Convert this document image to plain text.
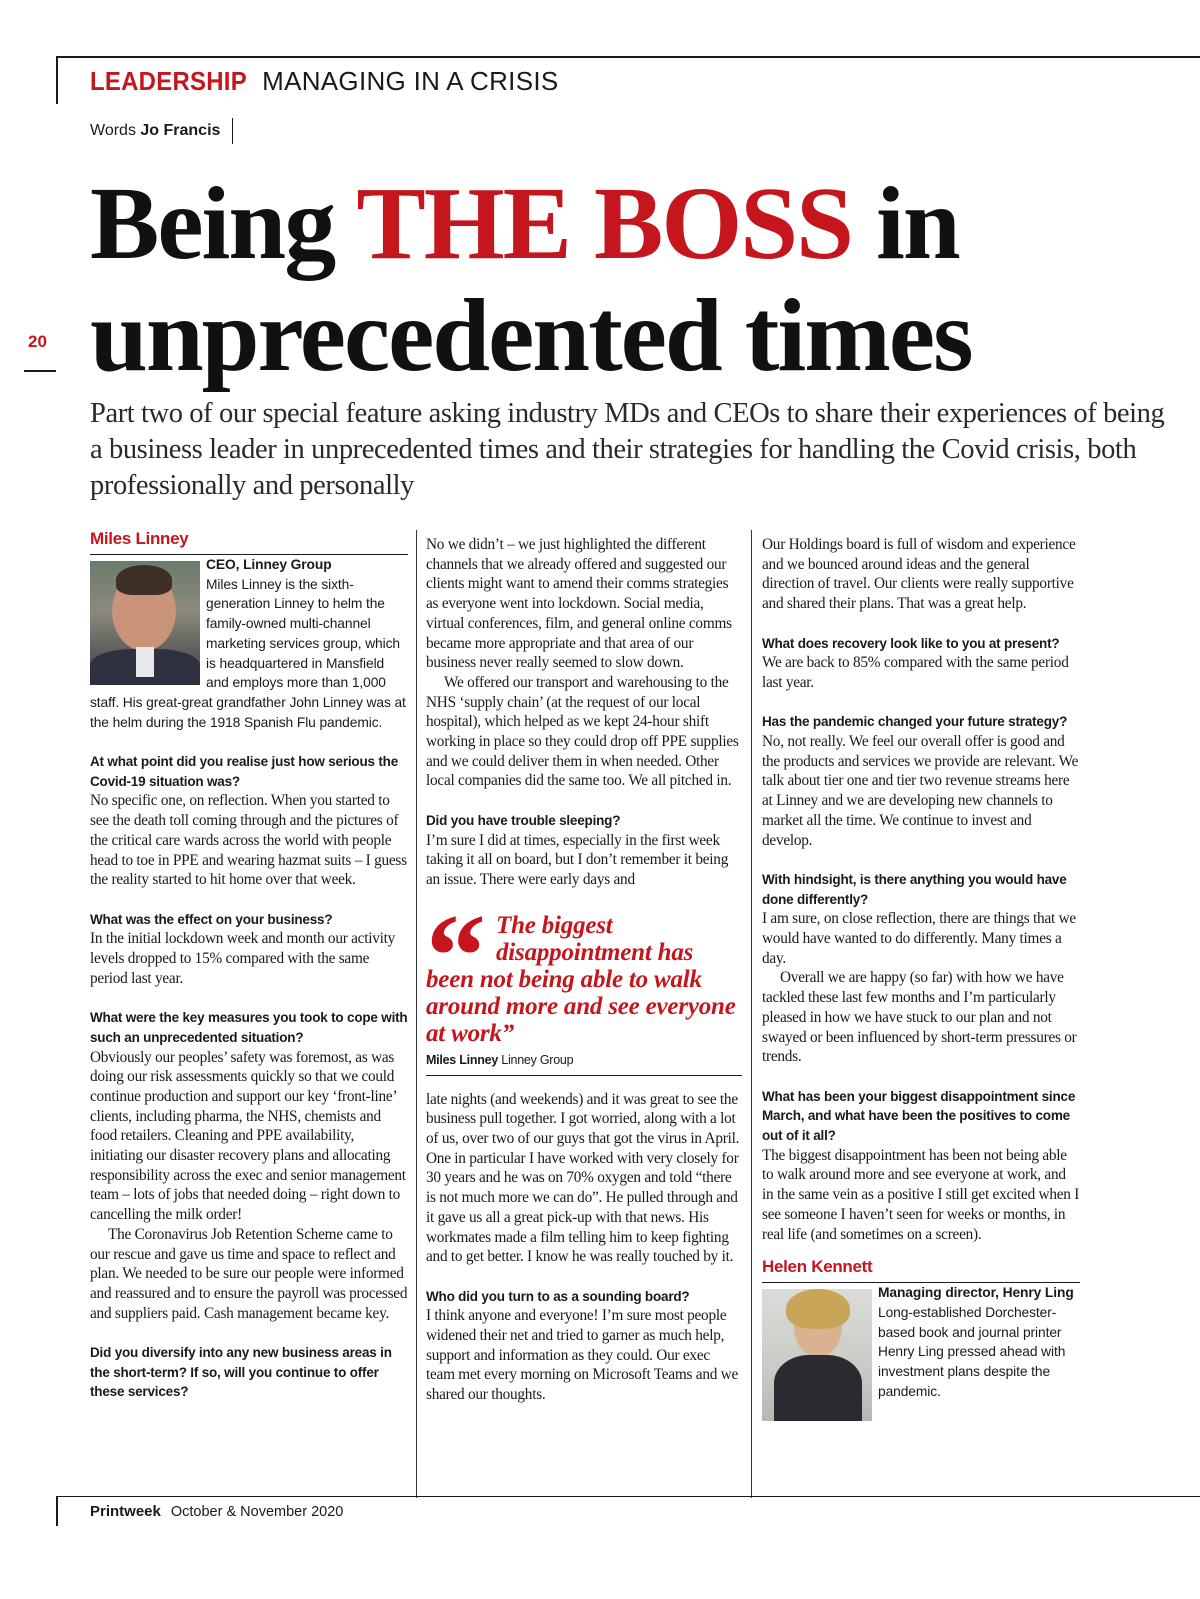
LEADERSHIP MANAGING IN A CRISIS
Words Jo Francis
20
Being THE BOSS in
unprecedented times

Part two of our special feature asking industry MDs and CEOs to share their experiences of being a business leader in unprecedented times and their strategies for handling the Covid crisis, both professionally and personally

Miles Linney
CEO, Linney Group
Miles Linney is the sixth-generation Linney to helm the family-owned multi-channel marketing services group, which is headquartered in Mansfield and employs more than 1,000 staff. His great-great grandfather John Linney was at the helm during the 1918 Spanish Flu pandemic.
At what point did you realise just how serious the Covid-19 situation was?

No specific one, on reflection. When you started to see the death toll coming through and the pictures of the critical care wards across the world with people head to toe in PPE and wearing hazmat suits – I guess the reality started to hit home over that week.

What was the effect on your business?

In the initial lockdown week and month our activity levels dropped to 15% compared with the same period last year.

What were the key measures you took to cope with such an unprecedented situation?

Obviously our peoples’ safety was foremost, as was doing our risk assessments quickly so that we could continue production and support our key ‘front-line’ clients, including pharma, the NHS, chemists and food retailers. Cleaning and PPE availability, initiating our disaster recovery plans and allocating responsibility across the exec and senior management team – lots of jobs that needed doing – right down to cancelling the milk order!

The Coronavirus Job Retention Scheme came to our rescue and gave us time and space to reflect and plan. We needed to be sure our people were informed and reassured and to ensure the payroll was processed and suppliers paid. Cash management became key.

Did you diversify into any new business areas in the short-term? If so, will you continue to offer these services?

No we didn’t – we just highlighted the different channels that we already offered and suggested our clients might want to amend their comms strategies as everyone went into lockdown. Social media, virtual conferences, film, and general online comms became more appropriate and that area of our business never really seemed to slow down.

We offered our transport and warehousing to the NHS ‘supply chain’ (at the request of our local hospital), which helped as we kept 24-hour shift working in place so they could drop off PPE supplies and we could deliver them in when needed. Other local companies did the same too. We all pitched in.

Did you have trouble sleeping?

I’m sure I did at times, especially in the first week taking it all on board, but I don’t remember it being an issue. There were early days and

“ The biggest disappointment has
been not being able to walk around more and see everyone at work”
Miles Linney Linney Group

late nights (and weekends) and it was great to see the business pull together. I got worried, along with a lot of us, over two of our guys that got the virus in April. One in particular I have worked with very closely for 30 years and he was on 70% oxygen and told “there is not much more we can do”. He pulled through and it gave us all a great pick-up with that news. His workmates made a film telling him to keep fighting and to get better. I know he was really touched by it.

Who did you turn to as a sounding board?

I think anyone and everyone! I’m sure most people widened their net and tried to garner as much help, support and information as they could. Our exec team met every morning on Microsoft Teams and we shared our thoughts.

Our Holdings board is full of wisdom and experience and we bounced around ideas and the general direction of travel. Our clients were really supportive and shared their plans. That was a great help.

What does recovery look like to you at present?

We are back to 85% compared with the same period last year.

Has the pandemic changed your future strategy?

No, not really. We feel our overall offer is good and the products and services we provide are relevant. We talk about tier one and tier two revenue streams here at Linney and we are developing new channels to market all the time. We continue to invest and develop.

With hindsight, is there anything you would have done differently?

I am sure, on close reflection, there are things that we would have wanted to do differently. Many times a day.

Overall we are happy (so far) with how we have tackled these last few months and I’m particularly pleased in how we have stuck to our plan and not swayed or been influenced by short-term pressures or trends.

What has been your biggest disappointment since March, and what have been the positives to come out of it all?

The biggest disappointment has been not being able to walk around more and see everyone at work, and in the same vein as a positive I still get excited when I see someone I haven’t seen for weeks or months, in real life (and sometimes on a screen).

Helen Kennett
Managing director, Henry Ling
Long-established Dorchester-based book and journal printer Henry Ling pressed ahead with investment plans despite the pandemic.
Printweek October & November 2020
